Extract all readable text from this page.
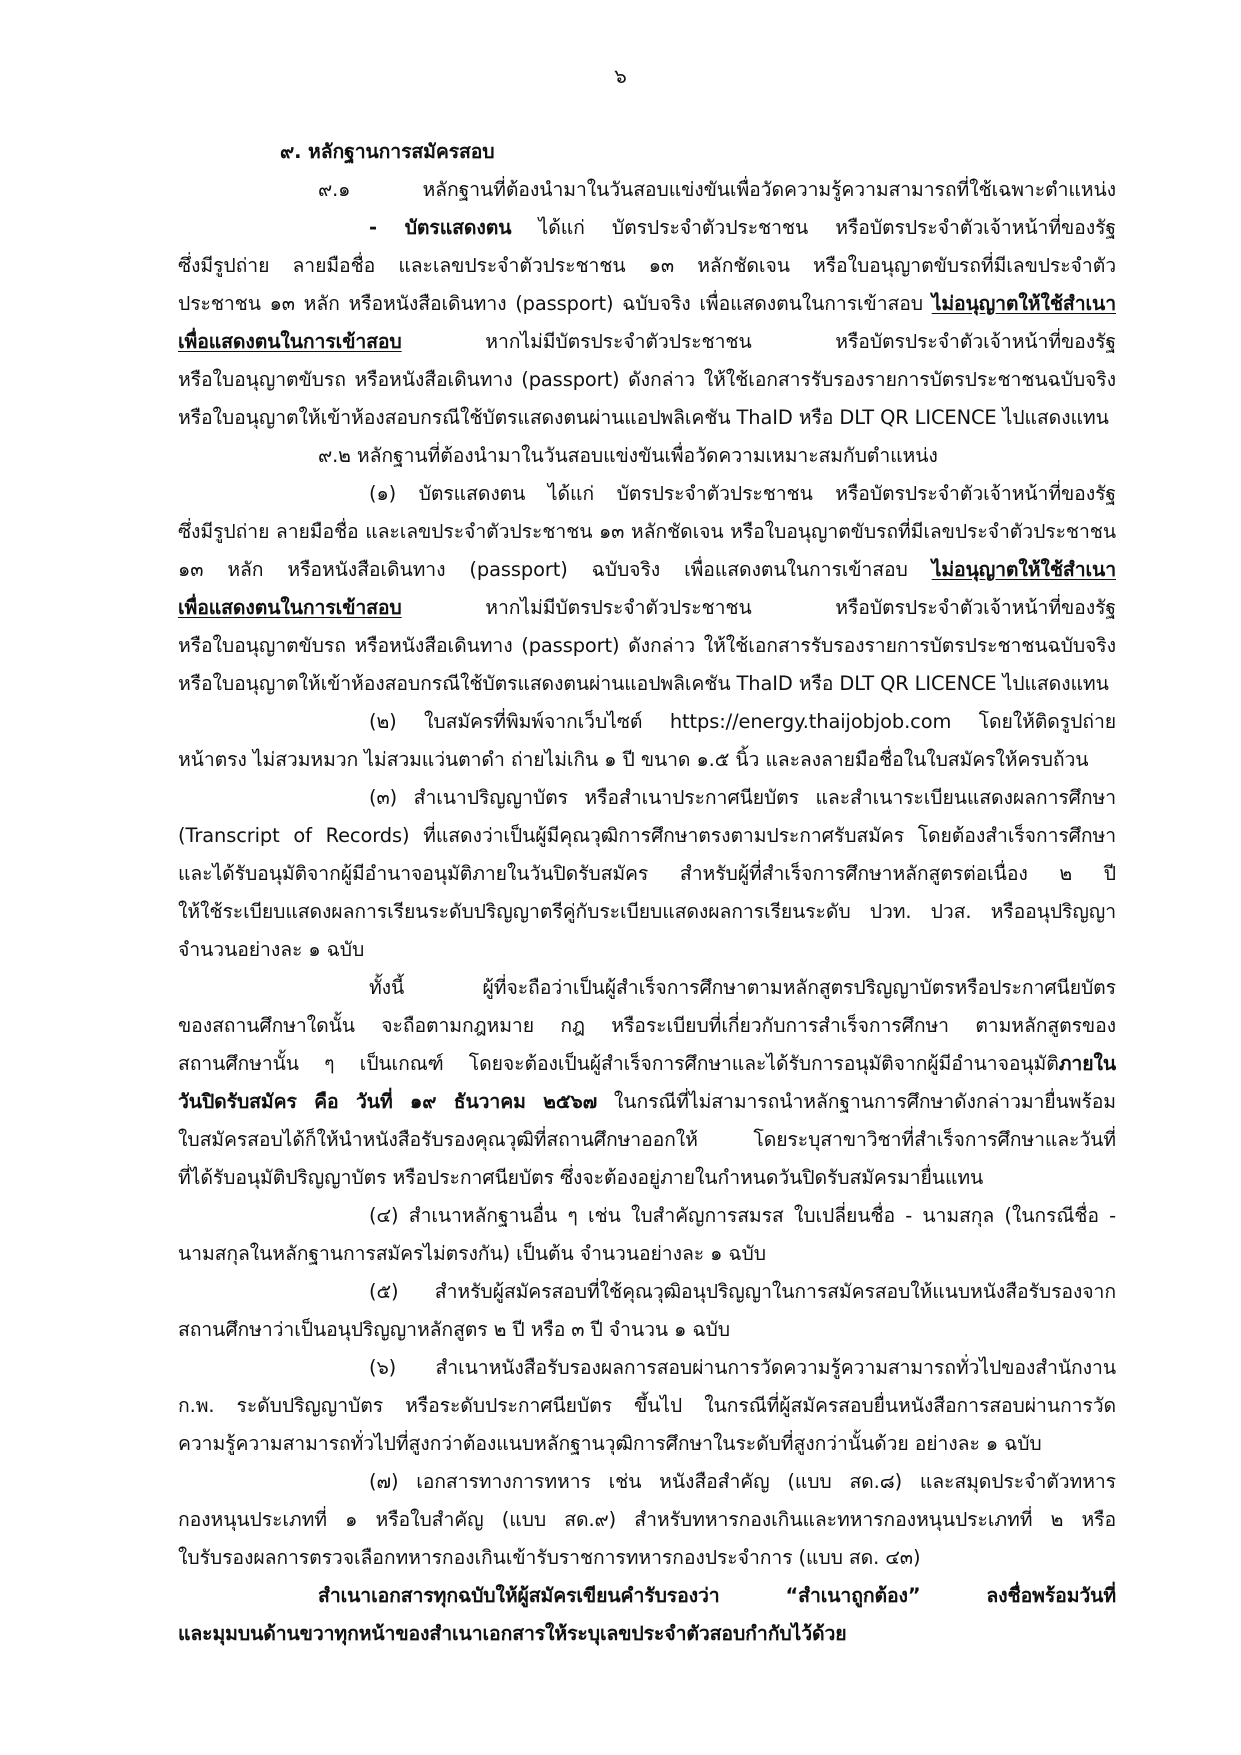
๖
๙. หลักฐานการสมัครสอบ
๙.๑ หลักฐานที่ต้องนำมาในวันสอบแข่งขันเพื่อวัดความรู้ความสามารถที่ใช้เฉพาะตำแหน่ง
- บัตรแสดงตน ได้แก่ บัตรประจำตัวประชาชน หรือบัตรประจำตัวเจ้าหน้าที่ของรัฐ
ซึ่งมีรูปถ่าย ลายมือชื่อ และเลขประจำตัวประชาชน ๑๓ หลักชัดเจน หรือใบอนุญาตขับรถที่มีเลขประจำตัว
ประชาชน ๑๓ หลัก หรือหนังสือเดินทาง (passport) ฉบับจริง เพื่อแสดงตนในการเข้าสอบ ไม่อนุญาตให้ใช้สำเนา
เพื่อแสดงตนในการเข้าสอบ หากไม่มีบัตรประจำตัวประชาชน หรือบัตรประจำตัวเจ้าหน้าที่ของรัฐ
หรือใบอนุญาตขับรถ หรือหนังสือเดินทาง (passport) ดังกล่าว ให้ใช้เอกสารรับรองรายการบัตรประชาชนฉบับจริง
หรือใบอนุญาตให้เข้าห้องสอบกรณีใช้บัตรแสดงตนผ่านแอปพลิเคชัน ThaID หรือ DLT QR LICENCE ไปแสดงแทน
๙.๒ หลักฐานที่ต้องนำมาในวันสอบแข่งขันเพื่อวัดความเหมาะสมกับตำแหน่ง
(๑) บัตรแสดงตน ได้แก่ บัตรประจำตัวประชาชน หรือบัตรประจำตัวเจ้าหน้าที่ของรัฐ
ซึ่งมีรูปถ่าย ลายมือชื่อ และเลขประจำตัวประชาชน ๑๓ หลักชัดเจน หรือใบอนุญาตขับรถที่มีเลขประจำตัวประชาชน
๑๓ หลัก หรือหนังสือเดินทาง (passport) ฉบับจริง เพื่อแสดงตนในการเข้าสอบ ไม่อนุญาตให้ใช้สำเนา
เพื่อแสดงตนในการเข้าสอบ หากไม่มีบัตรประจำตัวประชาชน หรือบัตรประจำตัวเจ้าหน้าที่ของรัฐ
หรือใบอนุญาตขับรถ หรือหนังสือเดินทาง (passport) ดังกล่าว ให้ใช้เอกสารรับรองรายการบัตรประชาชนฉบับจริง
หรือใบอนุญาตให้เข้าห้องสอบกรณีใช้บัตรแสดงตนผ่านแอปพลิเคชัน ThaID หรือ DLT QR LICENCE ไปแสดงแทน
(๒) ใบสมัครที่พิมพ์จากเว็บไซต์ https://energy.thaijobjob.com โดยให้ติดรูปถ่าย
หน้าตรง ไม่สวมหมวก ไม่สวมแว่นตาดำ ถ่ายไม่เกิน ๑ ปี ขนาด ๑.๕ นิ้ว และลงลายมือชื่อในใบสมัครให้ครบถ้วน
(๓) สำเนาปริญญาบัตร หรือสำเนาประกาศนียบัตร และสำเนาระเบียนแสดงผลการศึกษา
(Transcript of Records) ที่แสดงว่าเป็นผู้มีคุณวุฒิการศึกษาตรงตามประกาศรับสมัคร โดยต้องสำเร็จการศึกษา
และได้รับอนุมัติจากผู้มีอำนาจอนุมัติภายในวันปิดรับสมัคร สำหรับผู้ที่สำเร็จการศึกษาหลักสูตรต่อเนื่อง ๒ ปี
ให้ใช้ระเบียบแสดงผลการเรียนระดับปริญญาตรีคู่กับระเบียบแสดงผลการเรียนระดับ ปวท. ปวส. หรืออนุปริญญา
จำนวนอย่างละ ๑ ฉบับ
ทั้งนี้ ผู้ที่จะถือว่าเป็นผู้สำเร็จการศึกษาตามหลักสูตรปริญญาบัตรหรือประกาศนียบัตร
ของสถานศึกษาใดนั้น จะถือตามกฎหมาย กฎ หรือระเบียบที่เกี่ยวกับการสำเร็จการศึกษา ตามหลักสูตรของ
สถานศึกษานั้น ๆ เป็นเกณฑ์ โดยจะต้องเป็นผู้สำเร็จการศึกษาและได้รับการอนุมัติจากผู้มีอำนาจอนุมัติภายใน
วันปิดรับสมัคร คือ วันที่ ๑๙ ธันวาคม ๒๕๖๗ ในกรณีที่ไม่สามารถนำหลักฐานการศึกษาดังกล่าวมายื่นพร้อม
ใบสมัครสอบได้ก็ให้นำหนังสือรับรองคุณวุฒิที่สถานศึกษาออกให้ โดยระบุสาขาวิชาที่สำเร็จการศึกษาและวันที่
ที่ได้รับอนุมัติปริญญาบัตร หรือประกาศนียบัตร ซึ่งจะต้องอยู่ภายในกำหนดวันปิดรับสมัครมายื่นแทน
(๔) สำเนาหลักฐานอื่น ๆ เช่น ใบสำคัญการสมรส ใบเปลี่ยนชื่อ - นามสกุล (ในกรณีชื่อ -
นามสกุลในหลักฐานการสมัครไม่ตรงกัน) เป็นต้น จำนวนอย่างละ ๑ ฉบับ
(๕) สำหรับผู้สมัครสอบที่ใช้คุณวุฒิอนุปริญญาในการสมัครสอบให้แนบหนังสือรับรองจาก
สถานศึกษาว่าเป็นอนุปริญญาหลักสูตร ๒ ปี หรือ ๓ ปี จำนวน ๑ ฉบับ
(๖) สำเนาหนังสือรับรองผลการสอบผ่านการวัดความรู้ความสามารถทั่วไปของสำนักงาน
ก.พ. ระดับปริญญาบัตร หรือระดับประกาศนียบัตร ขึ้นไป ในกรณีที่ผู้สมัครสอบยื่นหนังสือการสอบผ่านการวัด
ความรู้ความสามารถทั่วไปที่สูงกว่าต้องแนบหลักฐานวุฒิการศึกษาในระดับที่สูงกว่านั้นด้วย อย่างละ ๑ ฉบับ
(๗) เอกสารทางการทหาร เช่น หนังสือสำคัญ (แบบ สด.๘) และสมุดประจำตัวทหาร
กองหนุนประเภทที่ ๑ หรือใบสำคัญ (แบบ สด.๙) สำหรับทหารกองเกินและทหารกองหนุนประเภทที่ ๒ หรือ
ใบรับรองผลการตรวจเลือกทหารกองเกินเข้ารับราชการทหารกองประจำการ (แบบ สด. ๔๓)
สำเนาเอกสารทุกฉบับให้ผู้สมัครเขียนคำรับรองว่า “สำเนาถูกต้อง” ลงชื่อพร้อมวันที่
และมุมบนด้านขวาทุกหน้าของสำเนาเอกสารให้ระบุเลขประจำตัวสอบกำกับไว้ด้วย
